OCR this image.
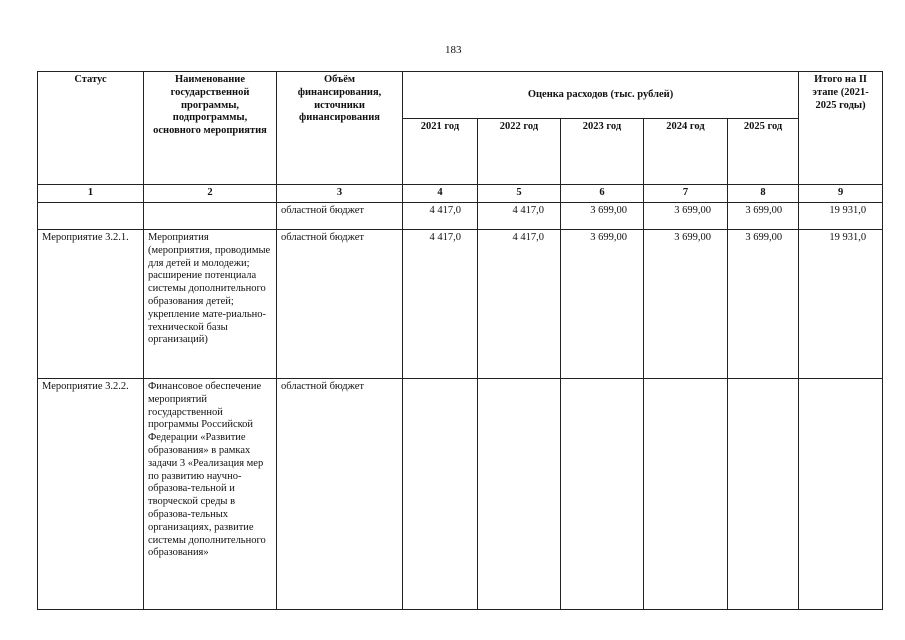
183
Статус	Наименование государственной программы, подпрограммы, основного мероприятия	Объём финансирования, источники финансирования	Оценка расходов (тыс. рублей)					Итого на II этапе (2021-2025 годы)
			2021 год	2022 год	2023 год	2024 год	2025 год	
1	2	3	4	5	6	7	8	9
		областной бюджет	4 417,0	4 417,0	3 699,00	3 699,00	3 699,00	19 931,0
Мероприятие 3.2.1.	Мероприятия (мероприятия, проводимые для детей и молодежи; расширение потенциала системы дополнительного образования детей; укрепление мате-риально-технической базы организаций)	областной бюджет	4 417,0	4 417,0	3 699,00	3 699,00	3 699,00	19 931,0
Мероприятие 3.2.2.	Финансовое обеспечение мероприятий государственной программы Российской Федерации «Развитие образования» в рамках задачи 3 «Реализация мер по развитию научно-образова-тельной и творческой среды в образова-тельных организациях, развитие системы дополнительного образования»	областной бюджет						
